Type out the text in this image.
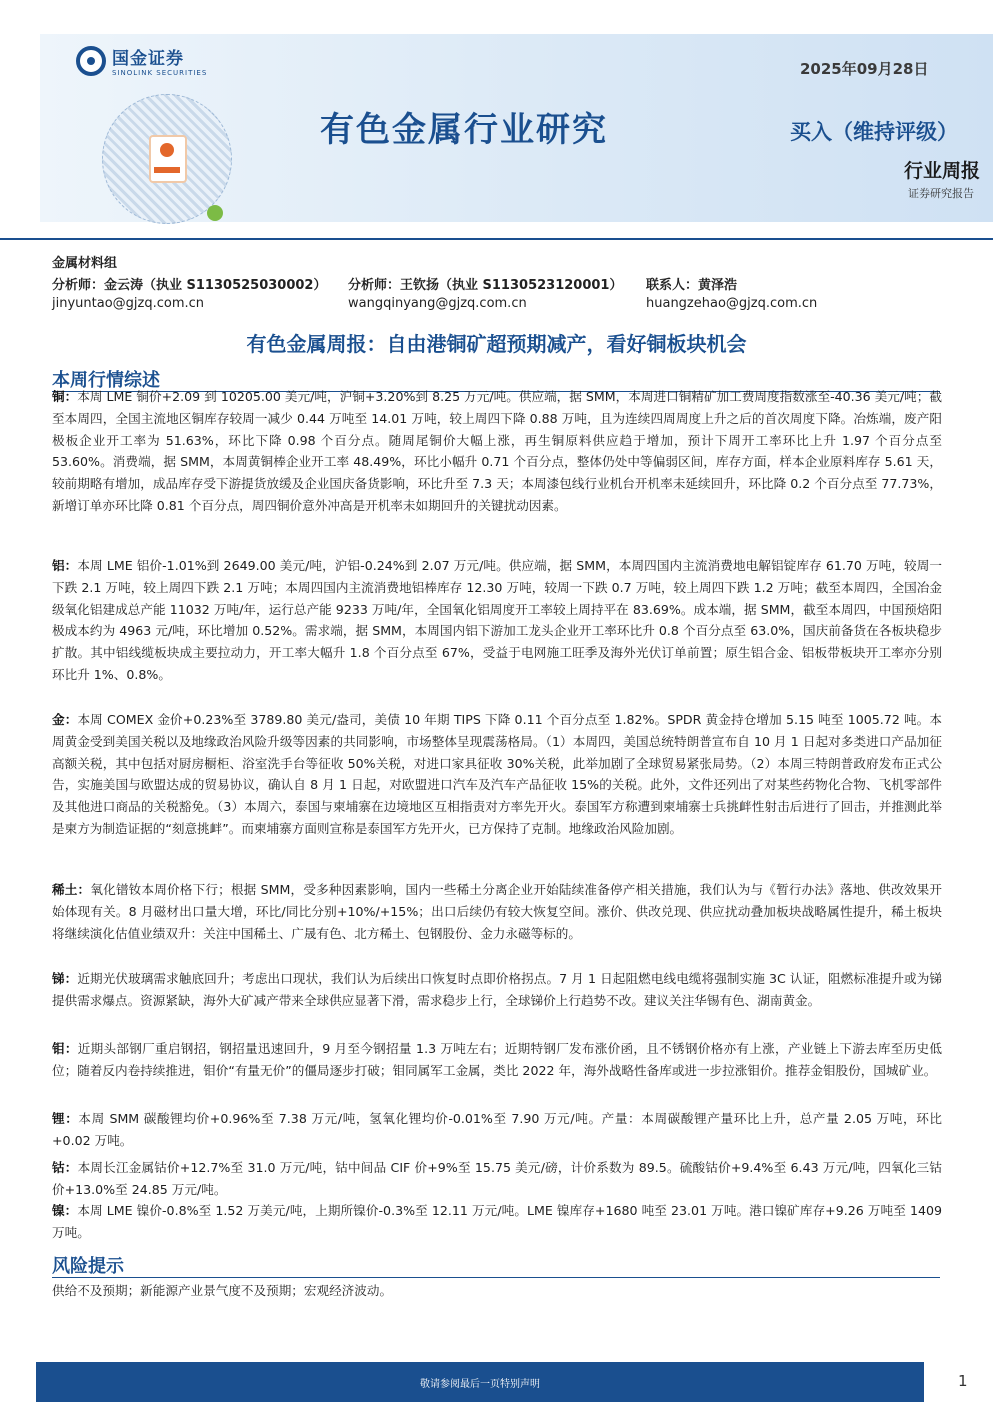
国金证券
SINOLINK SECURITIES	2025年09月28日
有色金属行业研究	买入（维持评级）
行业周报
证券研究报告
金属材料组
分析师：金云涛（执业 S1130525030002） 分析师：王钦扬（执业 S1130523120001） 联系人：黄泽浩
jinyuntao@gjzq.com.cn	wangqinyang@gjzq.com.cn	huangzehao@gjzq.com.cn
有色金属周报：自由港铜矿超预期减产，看好铜板块机会
本周行情综述

铜：本周 LME 铜价+2.09 到 10205.00 美元/吨，沪铜+3.20%到 8.25 万元/吨。供应端，据 SMM，本周进口铜精矿加工费周度指数涨至-40.36 美元/吨；截至本周四，全国主流地区铜库存较周一减少 0.44 万吨至 14.01 万吨，较上周四下降 0.88 万吨，且为连续四周周度上升之后的首次周度下降。冶炼端，废产阳极板企业开工率为 51.63%，环比下降 0.98 个百分点。随周尾铜价大幅上涨，再生铜原料供应趋于增加，预计下周开工率环比上升 1.97 个百分点至 53.60%。消费端，据 SMM，本周黄铜棒企业开工率 48.49%，环比小幅升 0.71 个百分点，整体仍处中等偏弱区间，库存方面，样本企业原料库存 5.61 天，较前期略有增加，成品库存受下游提货放缓及企业国庆备货影响，环比升至 7.3 天；本周漆包线行业机台开机率未延续回升，环比降 0.2 个百分点至 77.73%，新增订单亦环比降 0.81 个百分点，周四铜价意外冲高是开机率未如期回升的关键扰动因素。

铝：本周 LME 铝价-1.01%到 2649.00 美元/吨，沪铝-0.24%到 2.07 万元/吨。供应端，据 SMM，本周四国内主流消费地电解铝锭库存 61.70 万吨，较周一下跌 2.1 万吨，较上周四下跌 2.1 万吨；本周四国内主流消费地铝棒库存 12.30 万吨，较周一下跌 0.7 万吨，较上周四下跌 1.2 万吨；截至本周四，全国冶金级氧化铝建成总产能 11032 万吨/年，运行总产能 9233 万吨/年，全国氧化铝周度开工率较上周持平在 83.69%。成本端，据 SMM，截至本周四，中国预焙阳极成本约为 4963 元/吨，环比增加 0.52%。需求端，据 SMM，本周国内铝下游加工龙头企业开工率环比升 0.8 个百分点至 63.0%，国庆前备货在各板块稳步扩散。其中铝线缆板块成主要拉动力，开工率大幅升 1.8 个百分点至 67%，受益于电网施工旺季及海外光伏订单前置；原生铝合金、铝板带板块开工率亦分别环比升 1%、0.8%。

金：本周 COMEX 金价+0.23%至 3789.80 美元/盎司，美债 10 年期 TIPS 下降 0.11 个百分点至 1.82%。SPDR 黄金持仓增加 5.15 吨至 1005.72 吨。本周黄金受到美国关税以及地缘政治风险升级等因素的共同影响，市场整体呈现震荡格局。（1）本周四，美国总统特朗普宣布自 10 月 1 日起对多类进口产品加征高额关税，其中包括对厨房橱柜、浴室洗手台等征收 50%关税，对进口家具征收 30%关税，此举加剧了全球贸易紧张局势。（2）本周三特朗普政府发布正式公告，实施美国与欧盟达成的贸易协议，确认自 8 月 1 日起，对欧盟进口汽车及汽车产品征收 15%的关税。此外，文件还列出了对某些药物化合物、飞机零部件及其他进口商品的关税豁免。（3）本周六，泰国与柬埔寨在边境地区互相指责对方率先开火。泰国军方称遭到柬埔寨士兵挑衅性射击后进行了回击，并推测此举是柬方为制造证据的“刻意挑衅”。而柬埔寨方面则宣称是泰国军方先开火，已方保持了克制。地缘政治风险加剧。

稀土：氧化镨钕本周价格下行；根据 SMM，受多种因素影响，国内一些稀土分离企业开始陆续准备停产相关措施，我们认为与《暂行办法》落地、供改效果开始体现有关。8 月磁材出口量大增，环比/同比分别+10%/+15%；出口后续仍有较大恢复空间。涨价、供改兑现、供应扰动叠加板块战略属性提升，稀土板块将继续演化估值业绩双升：关注中国稀土、广晟有色、北方稀土、包钢股份、金力永磁等标的。

锑：近期光伏玻璃需求触底回升；考虑出口现状，我们认为后续出口恢复时点即价格拐点。7 月 1 日起阻燃电线电缆将强制实施 3C 认证，阻燃标准提升或为锑提供需求爆点。资源紧缺，海外大矿减产带来全球供应显著下滑，需求稳步上行，全球锑价上行趋势不改。建议关注华锡有色、湖南黄金。

钼：近期头部钢厂重启钢招，钢招量迅速回升，9 月至今钢招量 1.3 万吨左右；近期特钢厂发布涨价函，且不锈钢价格亦有上涨，产业链上下游去库至历史低位；随着反内卷持续推进，钼价“有量无价”的僵局逐步打破；钼同属军工金属，类比 2022 年，海外战略性备库或进一步拉涨钼价。推荐金钼股份，国城矿业。

锂：本周 SMM 碳酸锂均价+0.96%至 7.38 万元/吨，氢氧化锂均价-0.01%至 7.90 万元/吨。产量：本周碳酸锂产量环比上升，总产量 2.05 万吨，环比+0.02 万吨。

钴：本周长江金属钴价+12.7%至 31.0 万元/吨，钴中间品 CIF 价+9%至 15.75 美元/磅，计价系数为 89.5。硫酸钴价+9.4%至 6.43 万元/吨，四氧化三钴价+13.0%至 24.85 万元/吨。

镍：本周 LME 镍价-0.8%至 1.52 万美元/吨，上期所镍价-0.3%至 12.11 万元/吨。LME 镍库存+1680 吨至 23.01 万吨。港口镍矿库存+9.26 万吨至 1409 万吨。

风险提示

供给不及预期；新能源产业景气度不及预期；宏观经济波动。

敬请参阅最后一页特别声明	1
